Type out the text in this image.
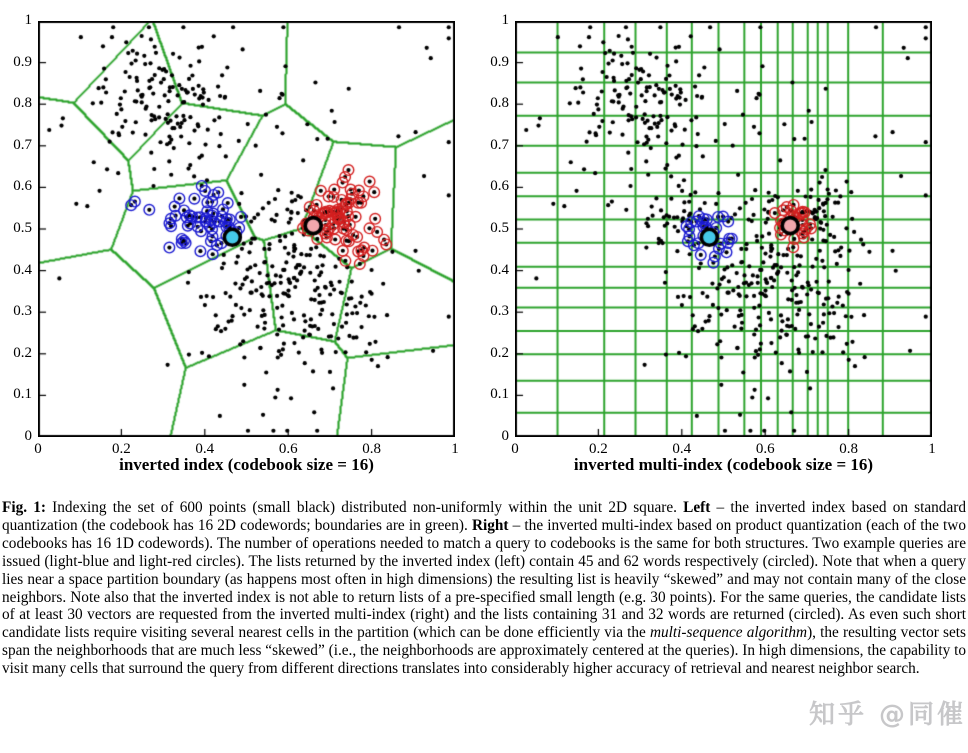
0
0.1
0.2
0.3
0.4
0.5
0.6
0.7
0.8
0.9
1
0	0.2	0.4	0.6	0.8	1
0
0.1
0.2
0.3
0.4
0.5
0.6
0.7
0.8
0.9
1
0	0.2	0.4	0.6	0.8	1
inverted index (codebook size = 16)	inverted multi-index (codebook size = 16)

Fig. 1: Indexing the set of 600 points (small black) distributed non-uniformly within the unit 2D square. Left – the inverted index based on standard quantization (the codebook has 16 2D codewords; boundaries are in green). Right – the inverted multi-index based on product quantization (each of the two codebooks has 16 1D codewords). The number of operations needed to match a query to codebooks is the same for both structures. Two example queries are issued (light-blue and light-red circles). The lists returned by the inverted index (left) contain 45 and 62 words respectively (circled). Note that when a query lies near a space partition boundary (as happens most often in high dimensions) the resulting list is heavily “skewed” and may not contain many of the close neighbors. Note also that the inverted index is not able to return lists of a pre-specified small length (e.g. 30 points). For the same queries, the candidate lists of at least 30 vectors are requested from the inverted multi-index (right) and the lists containing 31 and 32 words are returned (circled). As even such short candidate lists require visiting several nearest cells in the partition (which can be done efficiently via the multi-sequence algorithm), the resulting vector sets span the neighborhoods that are much less “skewed” (i.e., the neighborhoods are approximately centered at the queries). In high dimensions, the capability to visit many cells that surround the query from different directions translates into considerably higher accuracy of retrieval and nearest neighbor search.

知乎 @同催
